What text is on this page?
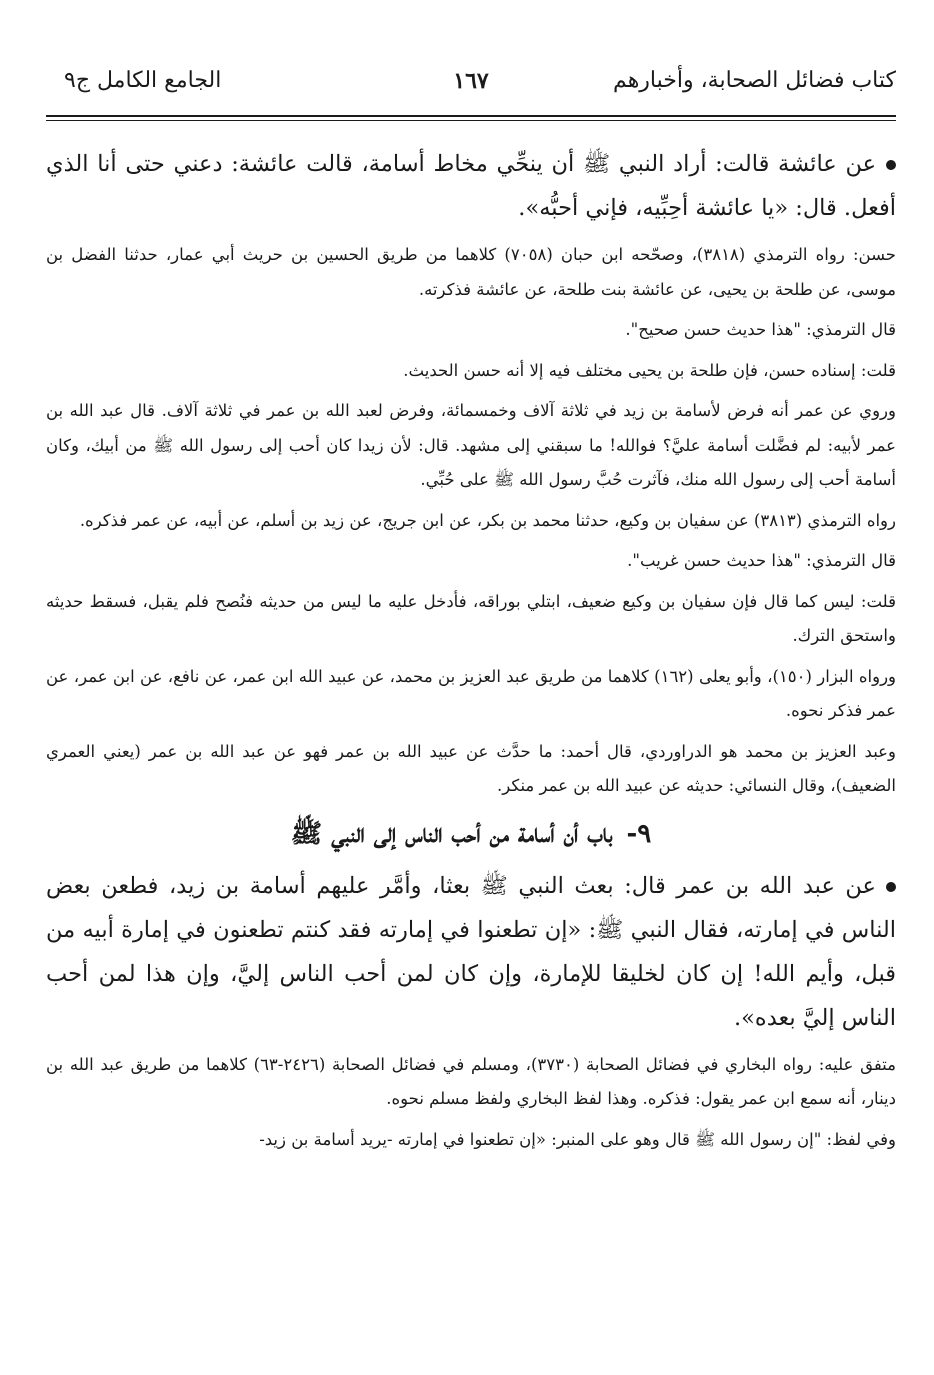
كتاب فضائل الصحابة، وأخبارهم
١٦٧
الجامع الكامل ج٩

عن عائشة قالت: أراد النبي ﷺ أن ينحِّي مخاط أسامة، قالت عائشة: دعني حتى أنا الذي أفعل. قال: «يا عائشة أحِبِّيه، فإني أحبُّه».

حسن: رواه الترمذي (٣٨١٨)، وصحّحه ابن حبان (٧٠٥٨) كلاهما من طريق الحسين بن حريث أبي عمار، حدثنا الفضل بن موسى، عن طلحة بن يحيى، عن عائشة بنت طلحة، عن عائشة فذكرته.

قال الترمذي: "هذا حديث حسن صحيح".

قلت: إسناده حسن، فإن طلحة بن يحيى مختلف فيه إلا أنه حسن الحديث.

وروي عن عمر أنه فرض لأسامة بن زيد في ثلاثة آلاف وخمسمائة، وفرض لعبد الله بن عمر في ثلاثة آلاف. قال عبد الله بن عمر لأبيه: لم فضَّلت أسامة عليَّ؟ فوالله! ما سبقني إلى مشهد. قال: لأن زيدا كان أحب إلى رسول الله ﷺ من أبيك، وكان أسامة أحب إلى رسول الله منك، فآثرت حُبَّ رسول الله ﷺ على حُبِّي.

رواه الترمذي (٣٨١٣) عن سفيان بن وكيع، حدثنا محمد بن بكر، عن ابن جريج، عن زيد بن أسلم، عن أبيه، عن عمر فذكره.

قال الترمذي: "هذا حديث حسن غريب".

قلت: ليس كما قال فإن سفيان بن وكيع ضعيف، ابتلي بوراقه، فأدخل عليه ما ليس من حديثه فنُصح فلم يقبل، فسقط حديثه واستحق الترك.

ورواه البزار (١٥٠)، وأبو يعلى (١٦٢) كلاهما من طريق عبد العزيز بن محمد، عن عبيد الله ابن عمر، عن نافع، عن ابن عمر، عن عمر فذكر نحوه.

وعبد العزيز بن محمد هو الدراوردي، قال أحمد: ما حدَّث عن عبيد الله بن عمر فهو عن عبد الله بن عمر (يعني العمري الضعيف)، وقال النسائي: حديثه عن عبيد الله بن عمر منكر.

٩-باب أن أسامة من أحب الناس إلى النبي ﷺ

عن عبد الله بن عمر قال: بعث النبي ﷺ بعثا، وأمَّر عليهم أسامة بن زيد، فطعن بعض الناس في إمارته، فقال النبي ﷺ: «إن تطعنوا في إمارته فقد كنتم تطعنون في إمارة أبيه من قبل، وأيم الله! إن كان لخليقا للإمارة، وإن كان لمن أحب الناس إليَّ، وإن هذا لمن أحب الناس إليَّ بعده».

متفق عليه: رواه البخاري في فضائل الصحابة (٣٧٣٠)، ومسلم في فضائل الصحابة (٢٤٢٦-٦٣) كلاهما من طريق عبد الله بن دينار، أنه سمع ابن عمر يقول: فذكره. وهذا لفظ البخاري ولفظ مسلم نحوه.

وفي لفظ: "إن رسول الله ﷺ قال وهو على المنبر: «إن تطعنوا في إمارته -يريد أسامة بن زيد-
